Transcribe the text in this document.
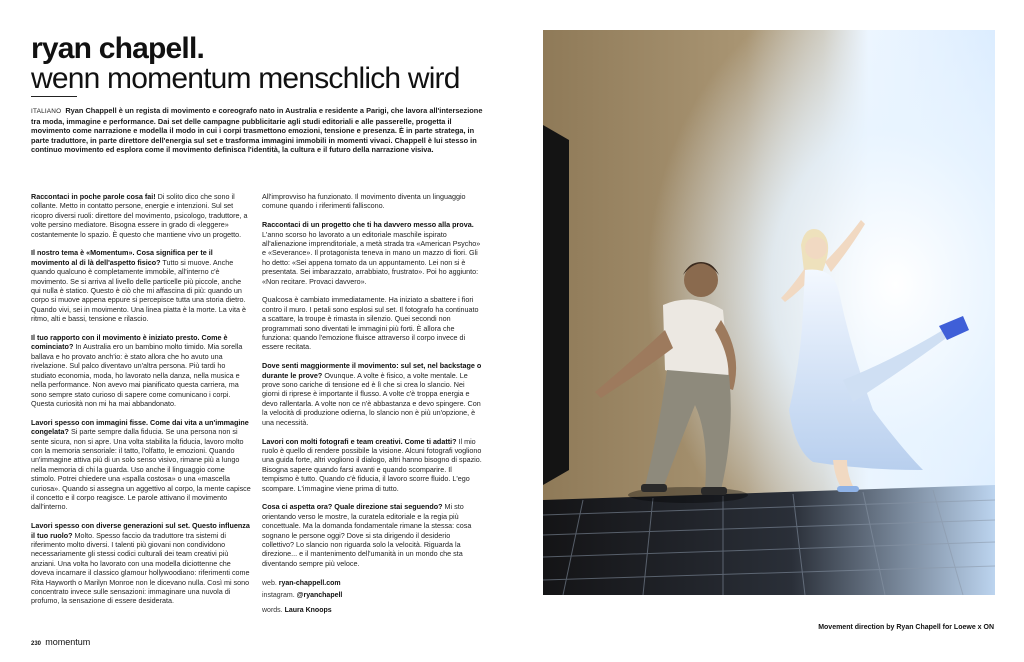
ryan chapell.
wenn momentum menschlich wird

ITALIANO Ryan Chappell è un regista di movimento e coreografo nato in Australia e residente a Parigi, che lavora all'intersezione tra moda, immagine e performance. Dai set delle campagne pubblicitarie agli studi editoriali e alle passerelle, progetta il movimento come narrazione e modella il modo in cui i corpi trasmettono emozioni, tensione e presenza. È in parte stratega, in parte traduttore, in parte direttore dell'energia sul set e trasforma immagini immobili in momenti vivaci. Chappell è lui stesso in continuo movimento ed esplora come il movimento definisca l'identità, la cultura e il futuro della narrazione visiva.

Raccontaci in poche parole cosa fai! Di solito dico che sono il collante. Metto in contatto persone, energie e intenzioni. Sul set ricopro diversi ruoli: direttore del movimento, psicologo, traduttore, a volte persino mediatore. Bisogna essere in grado di «leggere» costantemente lo spazio. È questo che mantiene vivo un progetto.

Il nostro tema è «Momentum». Cosa significa per te il movimento al di là dell'aspetto fisico? Tutto si muove. Anche quando qualcuno è completamente immobile, all'interno c'è movimento. Se si arriva al livello delle particelle più piccole, anche qui nulla è statico. Questo è ciò che mi affascina di più: quando un corpo si muove appena eppure si percepisce tutta una storia dietro. Quando vivi, sei in movimento. Una linea piatta è la morte. La vita è ritmo, alti e bassi, tensione e rilascio.

Il tuo rapporto con il movimento è iniziato presto. Come è cominciato? In Australia ero un bambino molto timido. Mia sorella ballava e ho provato anch'io: è stato allora che ho avuto una rivelazione. Sul palco diventavo un'altra persona. Più tardi ho studiato economia, moda, ho lavorato nella danza, nella musica e nella performance. Non avevo mai pianificato questa carriera, ma sono sempre stato curioso di sapere come comunicano i corpi. Questa curiosità non mi ha mai abbandonato.

Lavori spesso con immagini fisse. Come dai vita a un'immagine congelata? Si parte sempre dalla fiducia. Se una persona non si sente sicura, non si apre. Una volta stabilita la fiducia, lavoro molto con la memoria sensoriale: il tatto, l'olfatto, le emozioni. Quando un'immagine attiva più di un solo senso visivo, rimane più a lungo nella memoria di chi la guarda. Uso anche il linguaggio come stimolo. Potrei chiedere una «spalla costosa» o una «mascella curiosa». Quando si assegna un aggettivo al corpo, la mente capisce il concetto e il corpo reagisce. Le parole attivano il movimento dall'interno.

Lavori spesso con diverse generazioni sul set. Questo influenza il tuo ruolo? Molto. Spesso faccio da traduttore tra sistemi di riferimento molto diversi. I talenti più giovani non condividono necessariamente gli stessi codici culturali dei team creativi più anziani. Una volta ho lavorato con una modella diciottenne che doveva incarnare il classico glamour hollywoodiano: riferimenti come Rita Hayworth o Marilyn Monroe non le dicevano nulla. Così mi sono concentrato invece sulle sensazioni: immaginare una nuvola di profumo, la sensazione di essere desiderata.

All'improvviso ha funzionato. Il movimento diventa un linguaggio comune quando i riferimenti falliscono.

Raccontaci di un progetto che ti ha davvero messo alla prova. L'anno scorso ho lavorato a un editoriale maschile ispirato all'alienazione imprenditoriale, a metà strada tra «American Psycho» e «Severance». Il protagonista teneva in mano un mazzo di fiori. Gli ho detto: «Sei appena tornato da un appuntamento. Lei non si è presentata. Sei imbarazzato, arrabbiato, frustrato». Poi ho aggiunto: «Non recitare. Provaci davvero».

Qualcosa è cambiato immediatamente. Ha iniziato a sbattere i fiori contro il muro. I petali sono esplosi sul set. Il fotografo ha continuato a scattare, la troupe è rimasta in silenzio. Quei secondi non programmati sono diventati le immagini più forti. È allora che funziona: quando l'emozione fluisce attraverso il corpo invece di essere recitata.

Dove senti maggiormente il movimento: sul set, nel backstage o durante le prove? Ovunque. A volte è fisico, a volte mentale. Le prove sono cariche di tensione ed è lì che si crea lo slancio. Nei giorni di riprese è importante il flusso. A volte c'è troppa energia e devo rallentarla. A volte non ce n'è abbastanza e devo spingere. Con la velocità di produzione odierna, lo slancio non è più un'opzione, è una necessità.

Lavori con molti fotografi e team creativi. Come ti adatti? Il mio ruolo è quello di rendere possibile la visione. Alcuni fotografi vogliono una guida forte, altri vogliono il dialogo, altri hanno bisogno di spazio. Bisogna sapere quando farsi avanti e quando scomparire. Il tempismo è tutto. Quando c'è fiducia, il lavoro scorre fluido. L'ego scompare. L'immagine viene prima di tutto.

Cosa ci aspetta ora? Quale direzione stai seguendo? Mi sto orientando verso le mostre, la curatela editoriale e la regia più concettuale. Ma la domanda fondamentale rimane la stessa: cosa sognano le persone oggi? Dove si sta dirigendo il desiderio collettivo? Lo slancio non riguarda solo la velocità. Riguarda la direzione... e il mantenimento dell'umanità in un mondo che sta diventando sempre più veloce.

web. ryan-chappell.com
instagram. @ryanchapell
words. Laura Knoops
230 momentum
Movement direction by Ryan Chapell for Loewe x ON
